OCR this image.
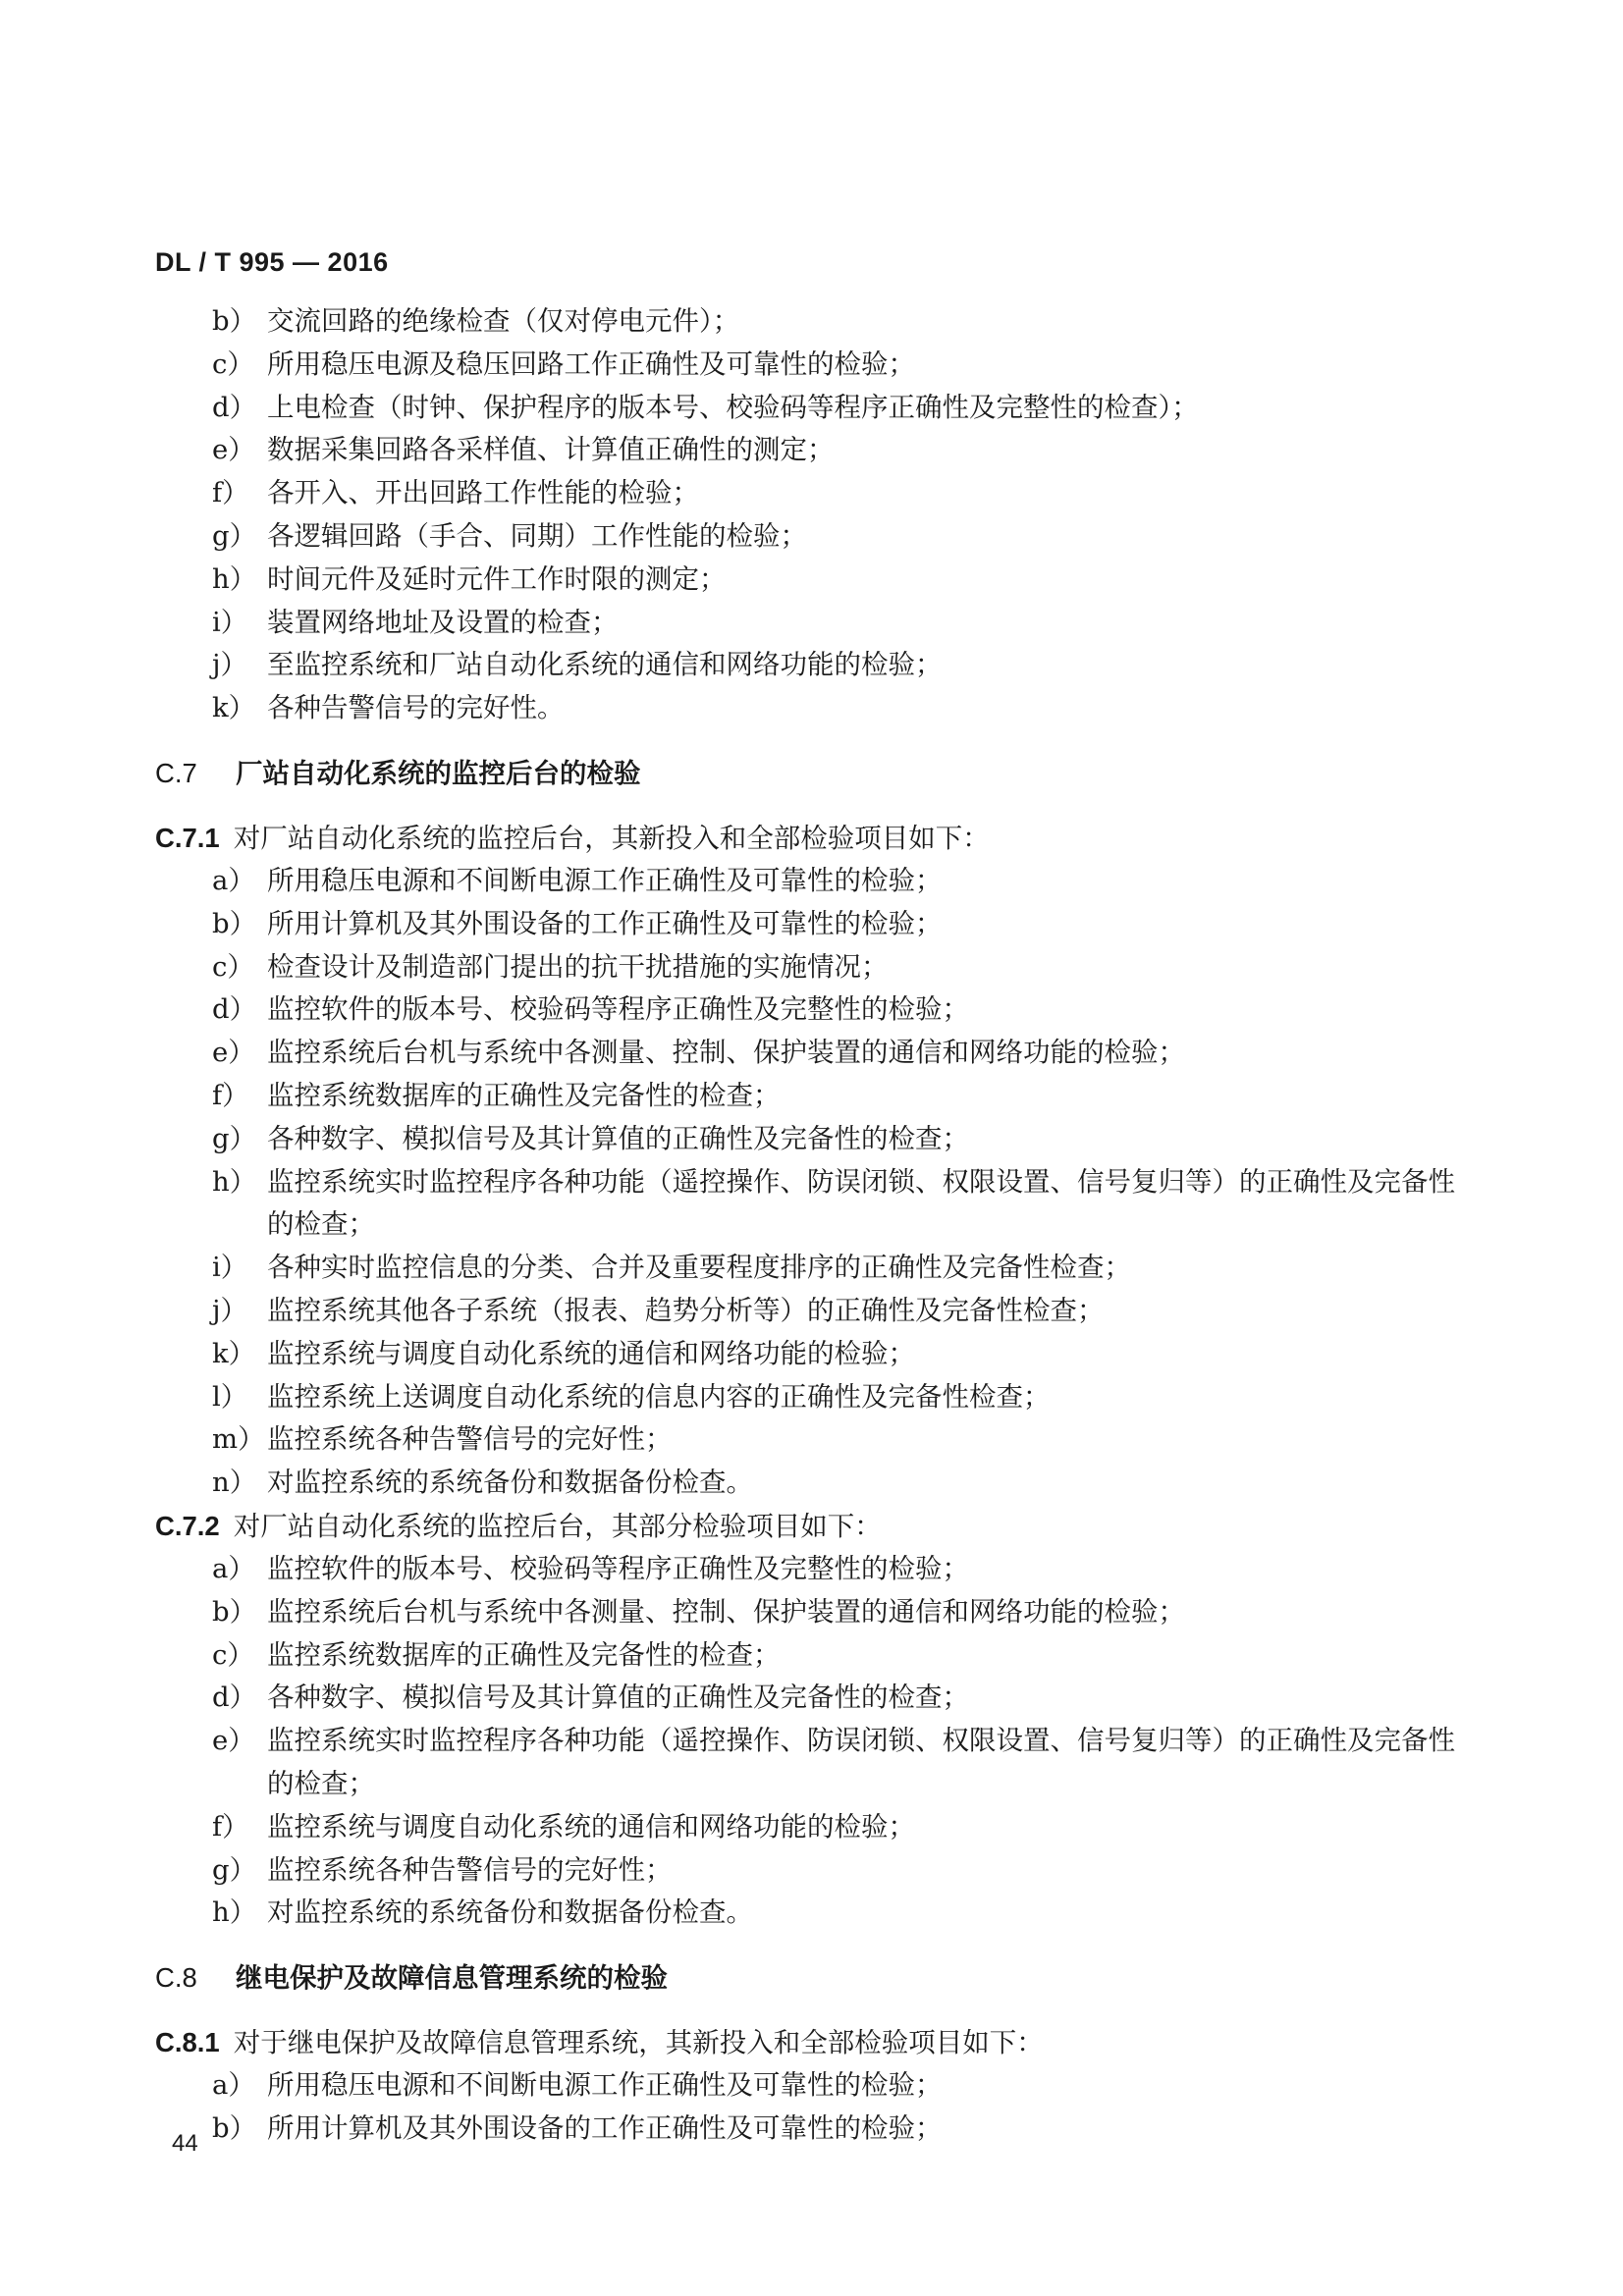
DL / T 995 — 2016
b） 交流回路的绝缘检查（仅对停电元件）；
c） 所用稳压电源及稳压回路工作正确性及可靠性的检验；
d） 上电检查（时钟、保护程序的版本号、校验码等程序正确性及完整性的检查）；
e） 数据采集回路各采样值、计算值正确性的测定；
f） 各开入、开出回路工作性能的检验；
g） 各逻辑回路（手合、同期）工作性能的检验；
h） 时间元件及延时元件工作时限的测定；
i） 装置网络地址及设置的检查；
j） 至监控系统和厂站自动化系统的通信和网络功能的检验；
k） 各种告警信号的完好性。
C.7 厂站自动化系统的监控后台的检验
C.7.1 对厂站自动化系统的监控后台，其新投入和全部检验项目如下：
a） 所用稳压电源和不间断电源工作正确性及可靠性的检验；
b） 所用计算机及其外围设备的工作正确性及可靠性的检验；
c） 检查设计及制造部门提出的抗干扰措施的实施情况；
d） 监控软件的版本号、校验码等程序正确性及完整性的检验；
e） 监控系统后台机与系统中各测量、控制、保护装置的通信和网络功能的检验；
f） 监控系统数据库的正确性及完备性的检查；
g） 各种数字、模拟信号及其计算值的正确性及完备性的检查；
h） 监控系统实时监控程序各种功能（遥控操作、防误闭锁、权限设置、信号复归等）的正确性及完备性的检查；
i） 各种实时监控信息的分类、合并及重要程度排序的正确性及完备性检查；
j） 监控系统其他各子系统（报表、趋势分析等）的正确性及完备性检查；
k） 监控系统与调度自动化系统的通信和网络功能的检验；
l） 监控系统上送调度自动化系统的信息内容的正确性及完备性检查；
m） 监控系统各种告警信号的完好性；
n） 对监控系统的系统备份和数据备份检查。
C.7.2 对厂站自动化系统的监控后台，其部分检验项目如下：
a） 监控软件的版本号、校验码等程序正确性及完整性的检验；
b） 监控系统后台机与系统中各测量、控制、保护装置的通信和网络功能的检验；
c） 监控系统数据库的正确性及完备性的检查；
d） 各种数字、模拟信号及其计算值的正确性及完备性的检查；
e） 监控系统实时监控程序各种功能（遥控操作、防误闭锁、权限设置、信号复归等）的正确性及完备性的检查；
f） 监控系统与调度自动化系统的通信和网络功能的检验；
g） 监控系统各种告警信号的完好性；
h） 对监控系统的系统备份和数据备份检查。
C.8 继电保护及故障信息管理系统的检验
C.8.1 对于继电保护及故障信息管理系统，其新投入和全部检验项目如下：
a） 所用稳压电源和不间断电源工作正确性及可靠性的检验；
b） 所用计算机及其外围设备的工作正确性及可靠性的检验；
44
